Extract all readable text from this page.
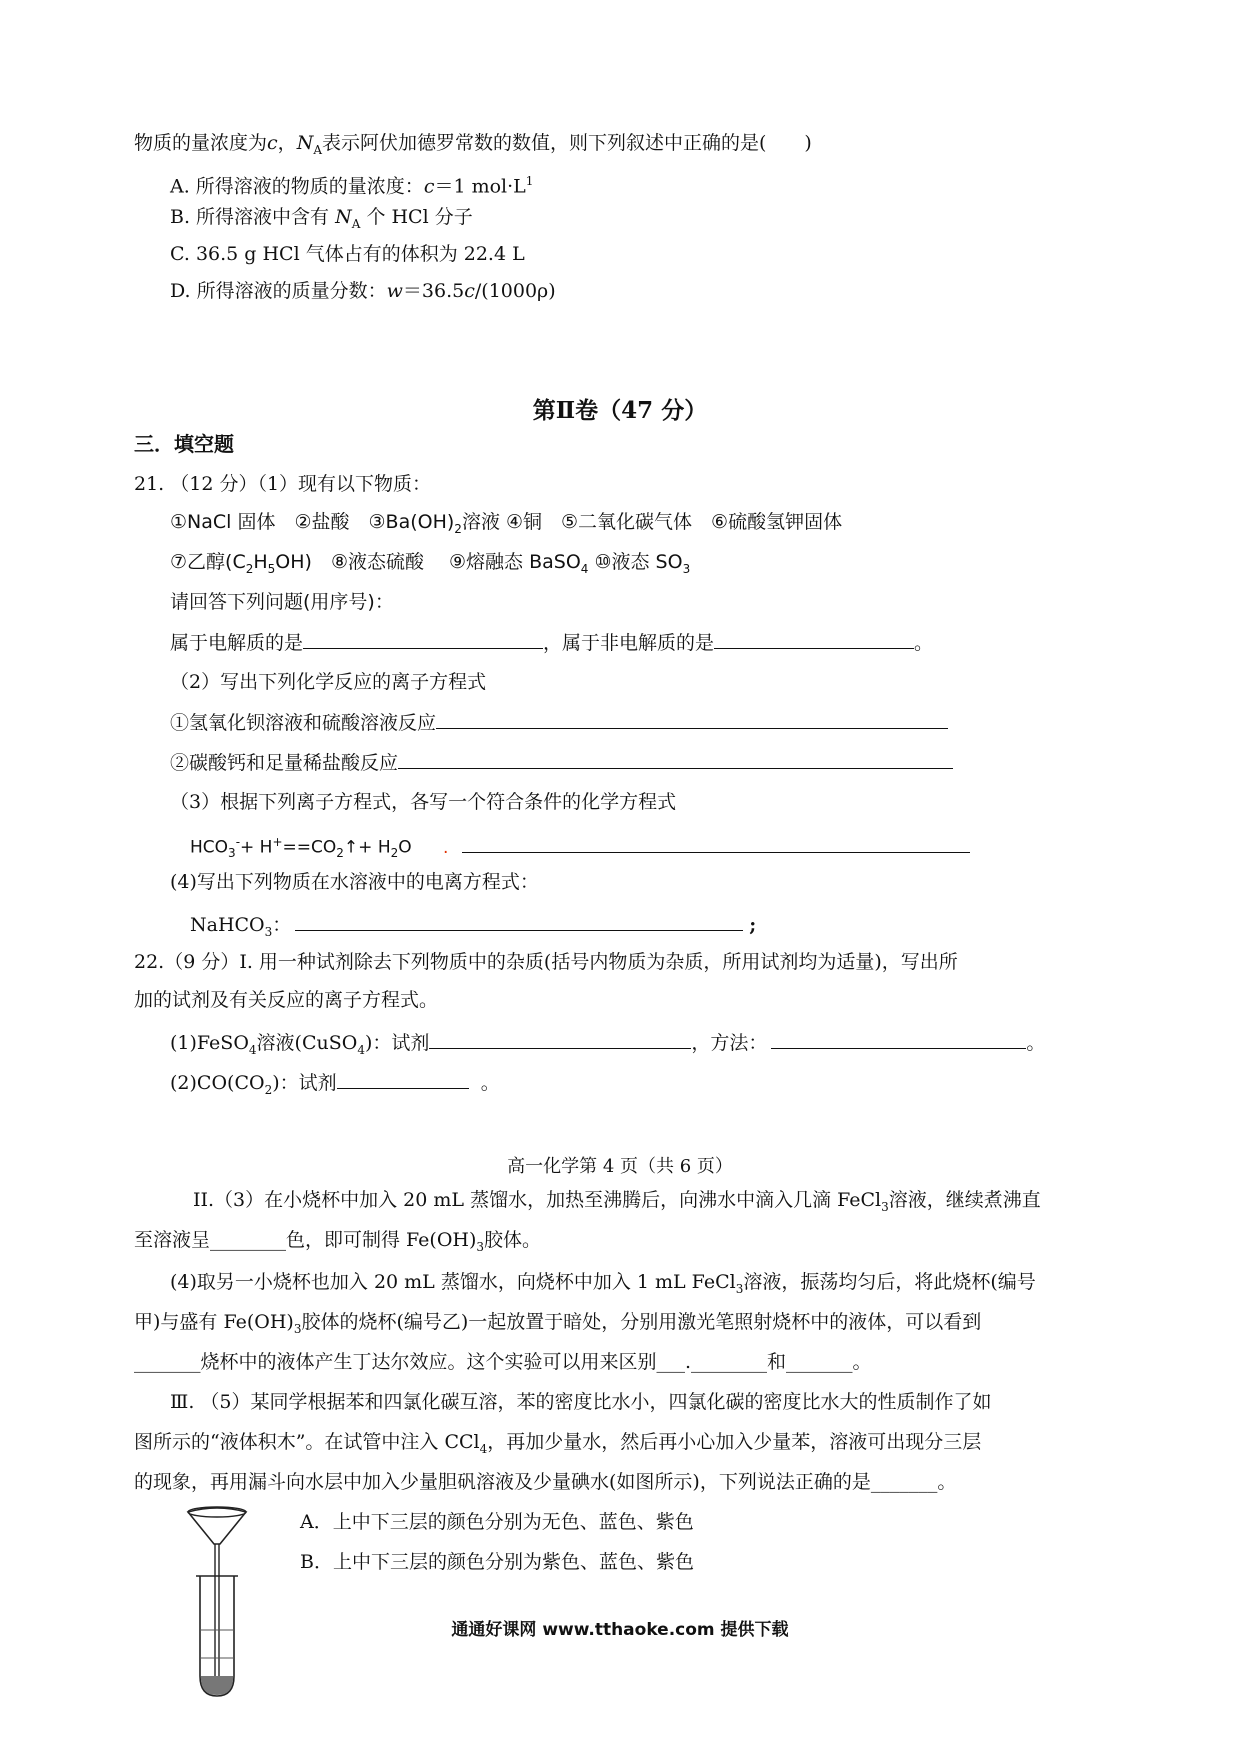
物质的量浓度为c，$N_A$表示阿伏加德罗常数的数值，则下列叙述中正确的是(　　)
A. 所得溶液的物质的量浓度：c＝1 $mol\cdot L^1$
B. 所得溶液中含有 $N_A$ 个 HCl 分子
C. 36.5 g HCl 气体占有的体积为 22.4 L
D. 所得溶液的质量分数：w＝36.5c/(1000ρ)
第Ⅱ卷（47 分）
三．填空题
21. （12 分）（1）现有以下物质：
①NaCl 固体　②盐酸　$③Ba(OH)_2$溶液 ④铜　⑤二氧化碳气体　⑥硫酸氢钾固体
⑦乙醇$(C_2H_5OH)$　⑧液态硫酸　 ⑨熔融态 BaSO$_4$ ⑩液态 $SO_3$
请回答下列问题(用序号)：
属于电解质的是	，属于非电解质的是	。
（2）写出下列化学反应的离子方程式
①氢氧化钡溶液和硫酸溶液反应
②碳酸钙和足量稀盐酸反应
（3）根据下列离子方程式，各写一个符合条件的化学方程式
$HCO_3^-+$ $H^+==CO_2↑+ H_2O$ .
(4)写出下列物质在水溶液中的电离方程式：
NaHCO$_3$：	;
22.（9 分）Ⅰ. 用一种试剂除去下列物质中的杂质(括号内物质为杂质，所用试剂均为适量)，写出所
加的试剂及有关反应的离子方程式。
(1)FeSO$_4$溶液(CuSO$_4$)：试剂	，方法：	。
$(2)CO(CO_2)$：试剂	。
高一化学第 4 页（共 6 页）
II.（3）在小烧杯中加入 20 mL 蒸馏水，加热至沸腾后，向沸水中滴入几滴 FeCl$_3$溶液，继续煮沸直
至溶液呈________色，即可制得 $Fe(OH)_3$胶体。
(4)取另一小烧杯也加入 20 mL 蒸馏水，向烧杯中加入 1 mL FeCl$_3$溶液，振荡均匀后，将此烧杯(编号
甲)与盛有 $Fe(OH)_3$胶体的烧杯(编号乙)一起放置于暗处，分别用激光笔照射烧杯中的液体，可以看到
_______烧杯中的液体产生丁达尔效应。这个实验可以用来区别___.________和_______。
Ⅲ. （5）某同学根据苯和四氯化碳互溶，苯的密度比水小，四氯化碳的密度比水大的性质制作了如
图所示的“液体积木”。在试管中注入 CCl$_4$，再加少量水，然后再小心加入少量苯，溶液可出现分三层
的现象，再用漏斗向水层中加入少量胆矾溶液及少量碘水(如图所示)，下列说法正确的是_______。
A．上中下三层的颜色分别为无色、蓝色、紫色
B．上中下三层的颜色分别为紫色、蓝色、紫色
通通好课网 www.tthaoke.com 提供下载
